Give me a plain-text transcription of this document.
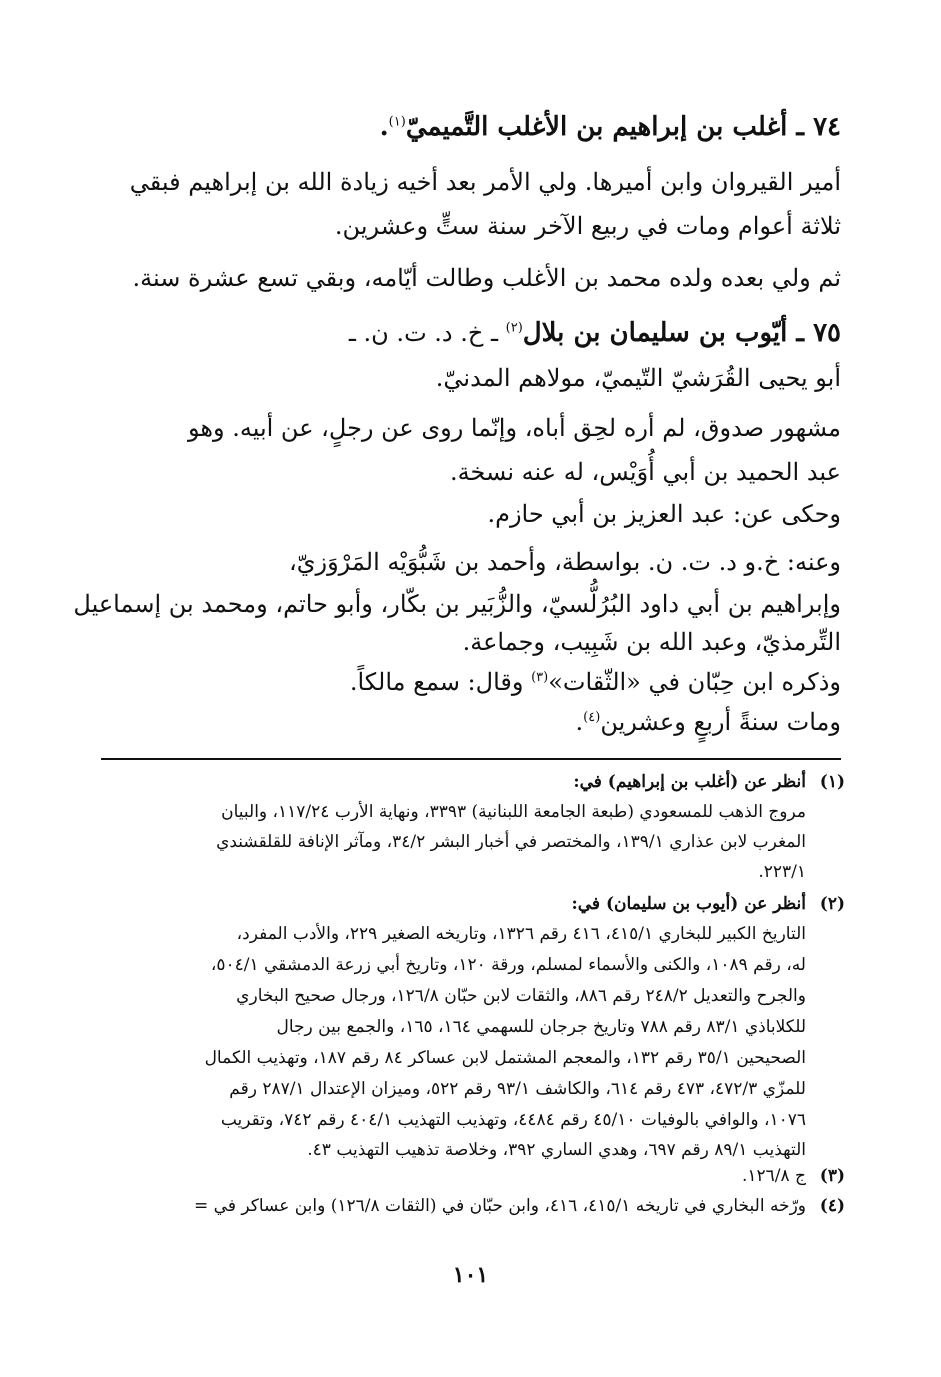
٧٤ ـ أغلب بن إبراهيم بن الأغلب التَّميميّ$^{(١)}$.
أمير القيروان وابن أميرها. ولي الأمر بعد أخيه زيادة الله بن إبراهيم فبقي
ثلاثة أعوام ومات في ربيع الآخر سنة ستٍّ وعشرين.
ثم ولي بعده ولده محمد بن الأغلب وطالت أيّامه، وبقي تسع عشرة سنة.
٧٥ ـ أيّوب بن سليمان بن بلال$^{(٢)}$ ـ خ. د. ت. ن. ـ
أبو يحيى القُرَشيّ التّيميّ، مولاهم المدنيّ.
مشهور صدوق، لم أره لحِق أباه، وإنّما روى عن رجلٍ، عن أبيه. وهو
عبد الحميد بن أبي أُوَيْس، له عنه نسخة.
وحكى عن: عبد العزيز بن أبي حازم.
وعنه: خ.و د. ت. ن. بواسطة، وأحمد بن شَبُّوَيْه المَرْوَزيّ،
وإبراهيم بن أبي داود البُرُلُّسيّ، والزُّبَير بن بكّار، وأبو حاتم، ومحمد بن إسماعيل
التِّرمذيّ، وعبد الله بن شَبِيب، وجماعة.
وذكره ابن حِبّان في «الثّقات»$^{(٣)}$ وقال: سمع مالكاً.
ومات سنةً أربعٍ وعشرين$^{(٤)}$.
(١)
أنظر عن (أغلب بن إبراهيم) في:
مروج الذهب للمسعودي (طبعة الجامعة اللبنانية) ٣٣٩٣، ونهاية الأرب ١١٧/٢٤، والبيان
المغرب لابن عذاري ١٣٩/١، والمختصر في أخبار البشر ٣٤/٢، ومآثر الإنافة للقلقشندي
٢٢٣/١.
(٢)
أنظر عن (أيوب بن سليمان) في:
التاريخ الكبير للبخاري ٤١٥/١، ٤١٦ رقم ١٣٢٦، وتاريخه الصغير ٢٢٩، والأدب المفرد،
له، رقم ١٠٨٩، والكنى والأسماء لمسلم، ورقة ١٢٠، وتاريخ أبي زرعة الدمشقي ٥٠٤/١،
والجرح والتعديل ٢٤٨/٢ رقم ٨٨٦، والثقات لابن حبّان ١٢٦/٨، ورجال صحيح البخاري
للكلاباذي ٨٣/١ رقم ٧٨٨ وتاريخ جرجان للسهمي ١٦٤، ١٦٥، والجمع بين رجال
الصحيحين ٣٥/١ رقم ١٣٢، والمعجم المشتمل لابن عساكر ٨٤ رقم ١٨٧، وتهذيب الكمال
للمزّي ٤٧٢/٣، ٤٧٣ رقم ٦١٤، والكاشف ٩٣/١ رقم ٥٢٢، وميزان الإعتدال ٢٨٧/١ رقم
١٠٧٦، والوافي بالوفيات ٤٥/١٠ رقم ٤٤٨٤، وتهذيب التهذيب ٤٠٤/١ رقم ٧٤٢، وتقريب
التهذيب ٨٩/١ رقم ٦٩٧، وهدي الساري ٣٩٢، وخلاصة تذهيب التهذيب ٤٣.
(٣)
ج ١٢٦/٨.
(٤)
ورّخه البخاري في تاريخه ٤١٥/١، ٤١٦، وابن حبّان في (الثقات ١٢٦/٨) وابن عساكر في =
١٠١
